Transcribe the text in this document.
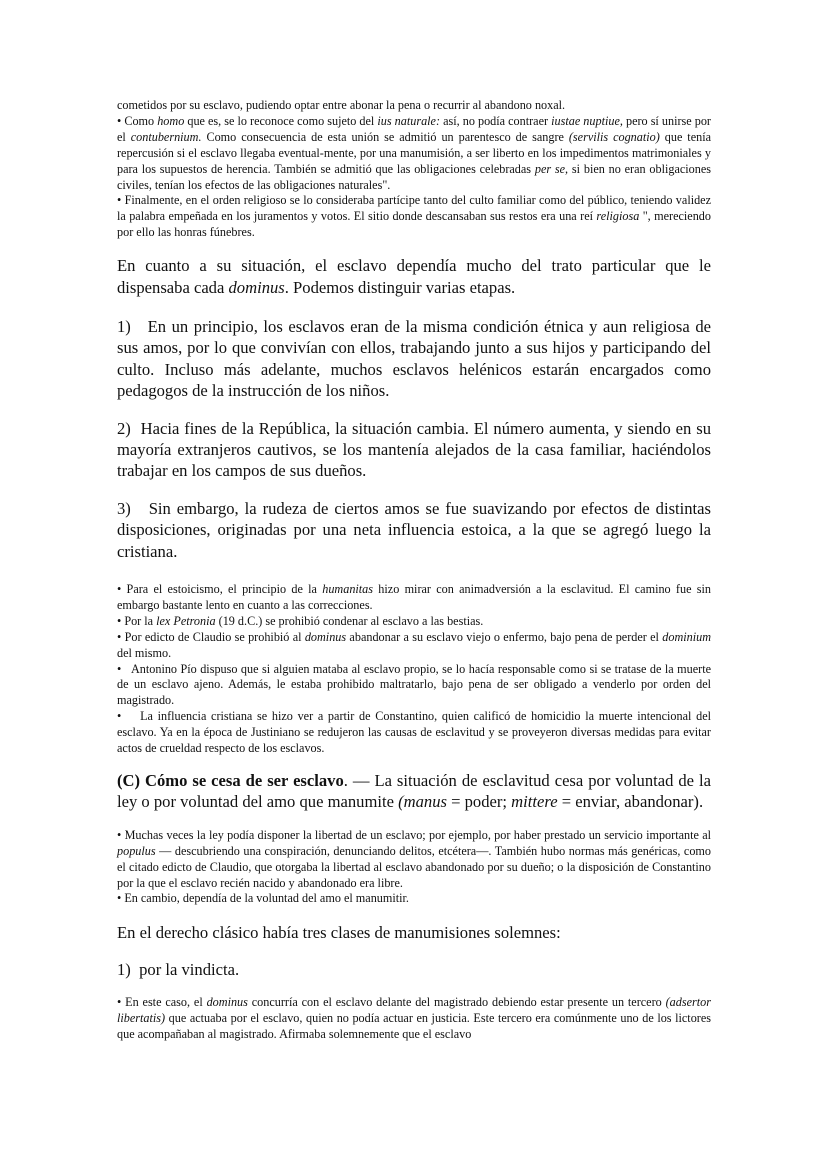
cometidos por su esclavo, pudiendo optar entre abonar la pena o recurrir al abandono noxal.

• Como homo que es, se lo reconoce como sujeto del ius naturale: así, no podía contraer iustae nuptiue, pero sí unirse por el contubernium. Como consecuencia de esta unión se admitió un parentesco de sangre (servilis cognatio) que tenía repercusión si el esclavo llegaba eventual-mente, por una manumisión, a ser liberto en los impedimentos matrimoniales y para los supuestos de herencia. También se admitió que las obligaciones celebradas per se, si bien no eran obligaciones civiles, tenían los efectos de las obligaciones naturales".

• Finalmente, en el orden religioso se lo consideraba partícipe tanto del culto familiar como del público, teniendo validez la palabra empeñada en los juramentos y votos. El sitio donde descansaban sus restos era una reí religiosa ", mereciendo por ello las honras fúnebres.

En cuanto a su situación, el esclavo dependía mucho del trato particular que le dispensaba cada dominus. Podemos distinguir varias etapas.

1)   En un principio, los esclavos eran de la misma condición étnica y aun religiosa de sus amos, por lo que convivían con ellos, trabajando junto a sus hijos y participando del culto. Incluso más adelante, muchos esclavos helénicos estarán encargados como pedagogos de la instrucción de los niños.

2)  Hacia fines de la República, la situación cambia. El número aumenta, y siendo en su mayoría extranjeros cautivos, se los mantenía alejados de la casa familiar, haciéndolos trabajar en los campos de sus dueños.

3)   Sin embargo, la rudeza de ciertos amos se fue suavizando por efectos de distintas disposiciones, originadas por una neta influencia estoica, a la que se agregó luego la cristiana.

• Para el estoicismo, el principio de la humanitas hizo mirar con animadversión a la esclavitud. El camino fue sin embargo bastante lento en cuanto a las correcciones.

• Por la lex Petronia (19 d.C.) se prohibió condenar al esclavo a las bestias.

• Por edicto de Claudio se prohibió al dominus abandonar a su esclavo viejo o enfermo, bajo pena de perder el dominium del mismo.

•   Antonino Pío dispuso que si alguien mataba al esclavo propio, se lo hacía responsable como si se tratase de la muerte de un esclavo ajeno. Además, le estaba prohibido maltratarlo, bajo pena de ser obligado a venderlo por orden del magistrado.

•    La influencia cristiana se hizo ver a partir de Constantino, quien calificó de homicidio la muerte intencional del esclavo. Ya en la época de Justiniano se redujeron las causas de esclavitud y se proveyeron diversas medidas para evitar actos de crueldad respecto de los esclavos.

(C) Cómo se cesa de ser esclavo. — La situación de esclavitud cesa por voluntad de la ley o por voluntad del amo que manumite (manus = poder; mittere = enviar, abandonar).

• Muchas veces la ley podía disponer la libertad de un esclavo; por ejemplo, por haber prestado un servicio importante al populus — descubriendo una conspiración, denunciando delitos, etcétera—. También hubo normas más genéricas, como el citado edicto de Claudio, que otorgaba la libertad al esclavo abandonado por su dueño; o la disposición de Constantino por la que el esclavo recién nacido y abandonado era libre.

• En cambio, dependía de la voluntad del amo el manumitir.

En el derecho clásico había tres clases de manumisiones solemnes:

1)  por la vindicta.

• En este caso, el dominus concurría con el esclavo delante del magistrado debiendo estar presente un tercero (adsertor libertatis) que actuaba por el esclavo, quien no podía actuar en justicia. Este tercero era comúnmente uno de los lictores que acompañaban al magistrado. Afirmaba solemnemente que el esclavo
